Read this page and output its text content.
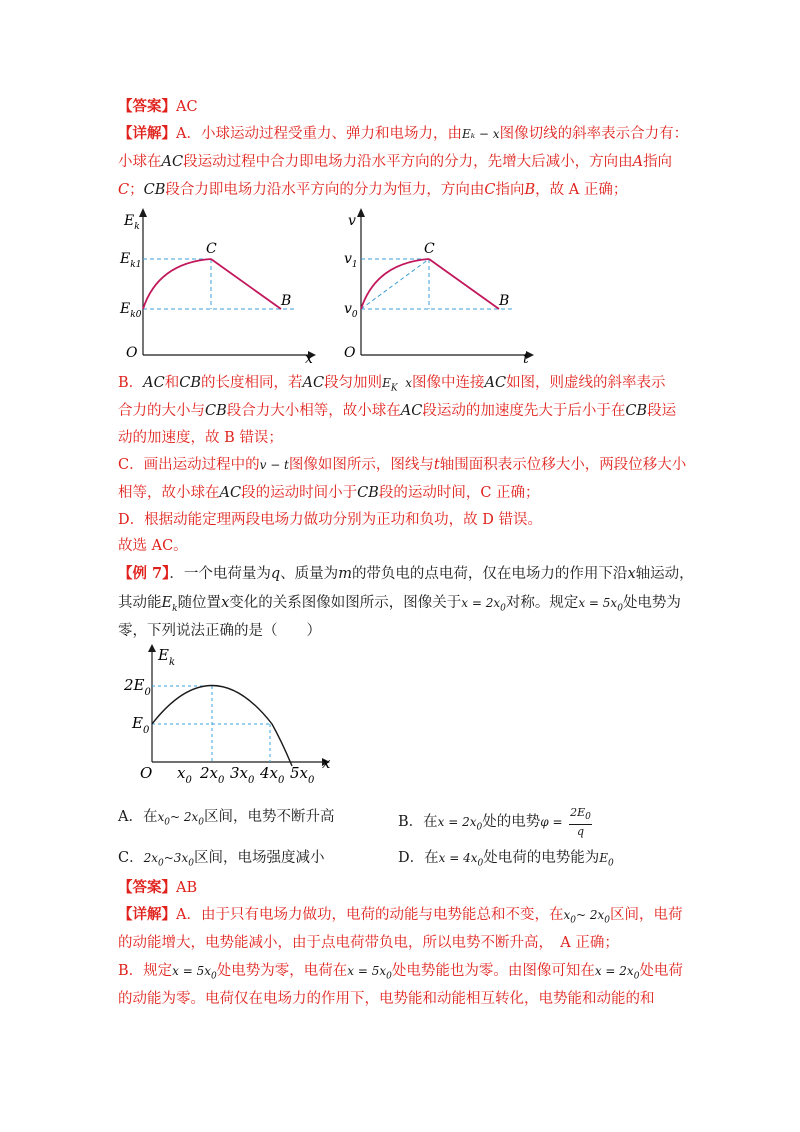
【答案】AC
【详解】A．小球运动过程受重力、弹力和电场力，由Eₖ − x图像切线的斜率表示合力有：
小球在AC段运动过程中合力即电场力沿水平方向的分力，先增大后减小，方向由A指向
C；CB段合力即电场力沿水平方向的分力为恒力，方向由C指向B，故 A 正确；
$E_k$
x
O
$E_{k1}$
$E_{k0}$
C
B
v
t
O
$v_1$
$v_0$
C
B
B．AC和CB的长度相同，若AC段匀加则$E_K$ x图像中连接AC如图，则虚线的斜率表示
合力的大小与CB段合力大小相等，故小球在AC段运动的加速度先大于后小于在CB段运
动的加速度，故 B 错误；
C．画出运动过程中的v − t图像如图所示，图线与t轴围面积表示位移大小，两段位移大小
相等，故小球在AC段的运动时间小于CB段的运动时间，C 正确；
D．根据动能定理两段电场力做功分别为正功和负功，故 D 错误。
故选 AC。
【例 7】．一个电荷量为q、质量为m的带负电的点电荷，仅在电场力的作用下沿x轴运动，
其动能$E_k$随位置x变化的关系图像如图所示，图像关于$x = 2x_0$对称。规定$x = 5x_0$处电势为
零，下列说法正确的是（　　）
$E_k$
x
O
$2E_0$
$E_0$
$x_0$ $2x_0$ $3x_0$ $4x_0$ $5x_0$
A．在$x_0\sim$ $2x_0$区间，电势不断升高	B．在$x = 2x_0$处的电势$\varphi = \frac{2E_0}{q}$
C．$2x_0\sim 3x_0$区间，电场强度减小	D．在$x = 4x_0$处电荷的电势能为$E_0$
【答案】AB
【详解】A．由于只有电场力做功，电荷的动能与电势能总和不变，在$x_0\sim$ $2x_0$区间，电荷
的动能增大，电势能减小，由于点电荷带负电，所以电势不断升高，　A 正确；
B．规定$x = 5x_0$处电势为零，电荷在$x = 5x_0$处电势能也为零。由图像可知在$x = 2x_0$处电荷
的动能为零。电荷仅在电场力的作用下，电势能和动能相互转化，电势能和动能的和
